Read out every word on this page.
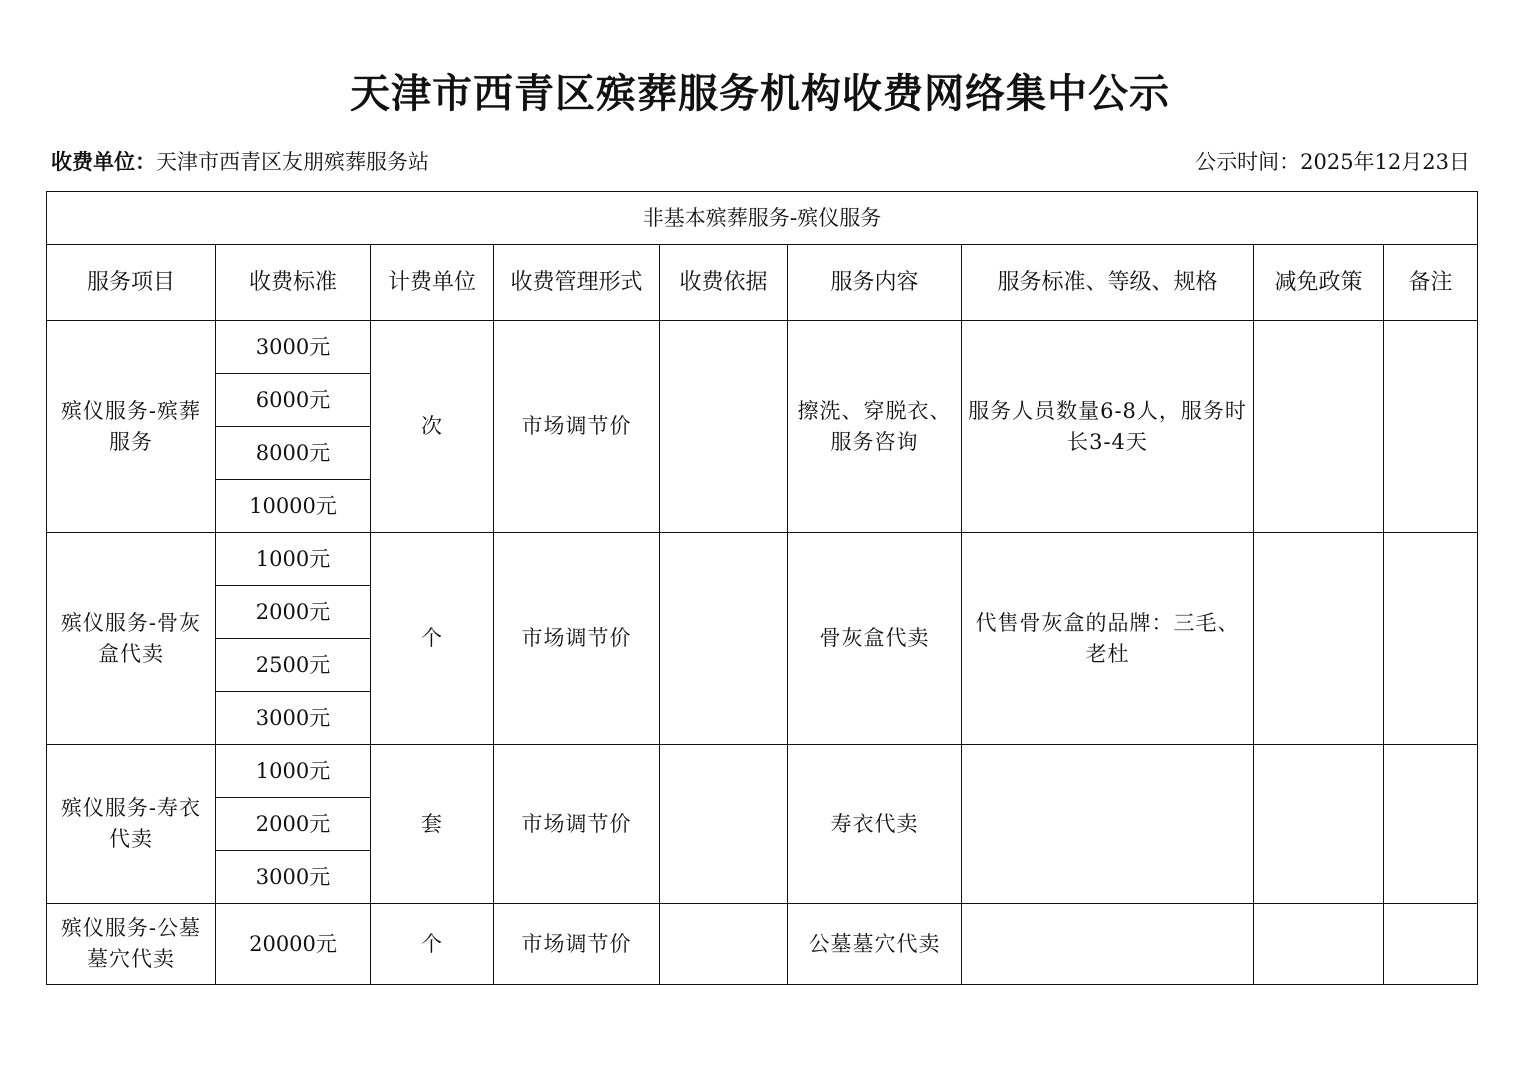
天津市西青区殡葬服务机构收费网络集中公示
收费单位：天津市西青区友朋殡葬服务站	公示时间：2025年12月23日
非基本殡葬服务-殡仪服务								
服务项目	收费标准	计费单位	收费管理形式	收费依据	服务内容	服务标准、等级、规格	减免政策	备注
殡仪服务-殡葬服务	3000元	次	市场调节价		擦洗、穿脱衣、服务咨询	服务人员数量6-8人，服务时长3-4天		
	6000元							
	8000元							
	10000元							
殡仪服务-骨灰盒代卖	1000元	个	市场调节价		骨灰盒代卖	代售骨灰盒的品牌：三毛、老杜		
	2000元							
	2500元							
	3000元							
殡仪服务-寿衣代卖	1000元	套	市场调节价		寿衣代卖			
	2000元							
	3000元							
殡仪服务-公墓墓穴代卖	20000元	个	市场调节价		公墓墓穴代卖			
